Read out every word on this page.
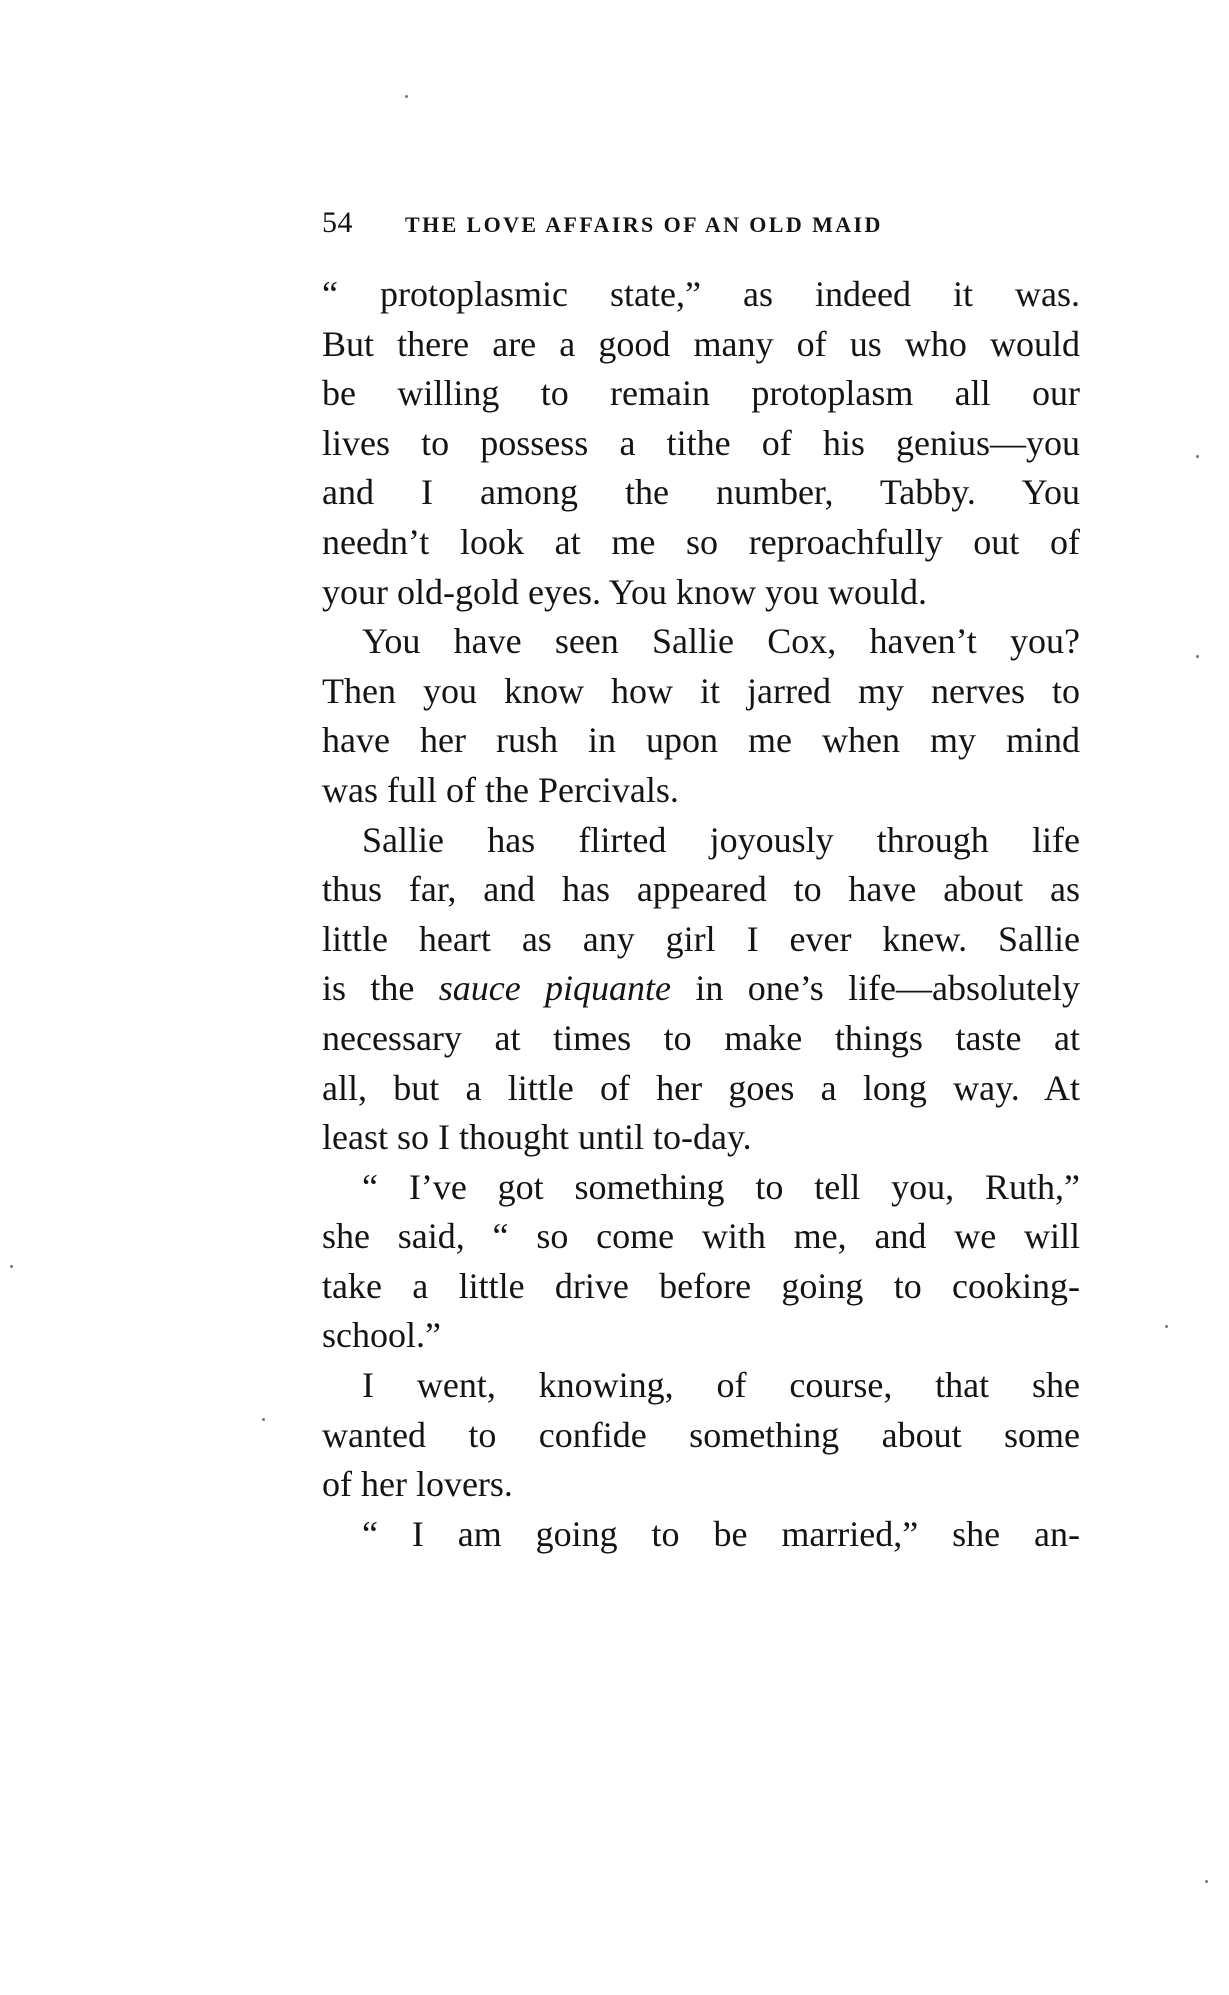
54 THE LOVE AFFAIRS OF AN OLD MAID
“ protoplasmic state,” as indeed it was.
But there are a good many of us who would
be willing to remain protoplasm all our
lives to possess a tithe of his genius—you
and I among the number, Tabby. You
needn’t look at me so reproachfully out of
your old-gold eyes. You know you would.
You have seen Sallie Cox, haven’t you?
Then you know how it jarred my nerves to
have her rush in upon me when my mind
was full of the Percivals.
Sallie has flirted joyously through life
thus far, and has appeared to have about as
little heart as any girl I ever knew. Sallie
is the sauce piquante in one’s life—absolutely
necessary at times to make things taste at
all, but a little of her goes a long way. At
least so I thought until to-day.
“ I’ve got something to tell you, Ruth,”
she said, “ so come with me, and we will
take a little drive before going to cooking-
school.”
I went, knowing, of course, that she
wanted to confide something about some
of her lovers.
“ I am going to be married,” she an-
